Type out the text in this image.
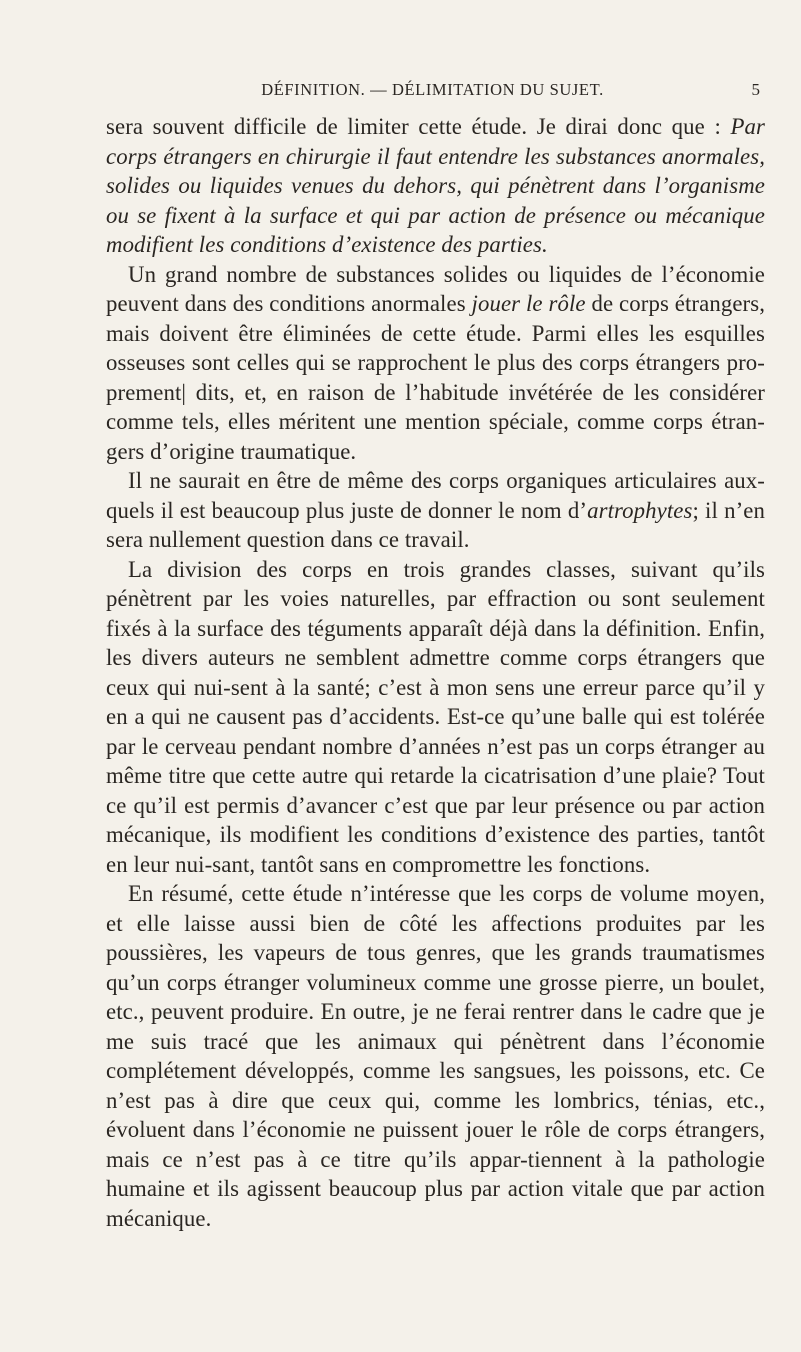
DÉFINITION. — DÉLIMITATION DU SUJET.	5

sera souvent difficile de limiter cette étude. Je dirai donc que : Par corps étrangers en chirurgie il faut entendre les substances anormales, solides ou liquides venues du dehors, qui pénètrent dans l’organisme ou se fixent à la surface et qui par action de présence ou mécanique modifient les conditions d’existence des parties.

Un grand nombre de substances solides ou liquides de l’économie peuvent dans des conditions anormales jouer le rôle de corps étrangers, mais doivent être éliminées de cette étude. Parmi elles les esquilles osseuses sont celles qui se rapprochent le plus des corps étrangers pro-prement| dits, et, en raison de l’habitude invétérée de les considérer comme tels, elles méritent une mention spéciale, comme corps étran-gers d’origine traumatique.

Il ne saurait en être de même des corps organiques articulaires aux-quels il est beaucoup plus juste de donner le nom d’artrophytes; il n’en sera nullement question dans ce travail.

La division des corps en trois grandes classes, suivant qu’ils pénètrent par les voies naturelles, par effraction ou sont seulement fixés à la surface des téguments apparaît déjà dans la définition. Enfin, les divers auteurs ne semblent admettre comme corps étrangers que ceux qui nui-sent à la santé; c’est à mon sens une erreur parce qu’il y en a qui ne causent pas d’accidents. Est-ce qu’une balle qui est tolérée par le cerveau pendant nombre d’années n’est pas un corps étranger au même titre que cette autre qui retarde la cicatrisation d’une plaie? Tout ce qu’il est permis d’avancer c’est que par leur présence ou par action mécanique, ils modifient les conditions d’existence des parties, tantôt en leur nui-sant, tantôt sans en compromettre les fonctions.

En résumé, cette étude n’intéresse que les corps de volume moyen, et elle laisse aussi bien de côté les affections produites par les poussières, les vapeurs de tous genres, que les grands traumatismes qu’un corps étranger volumineux comme une grosse pierre, un boulet, etc., peuvent produire. En outre, je ne ferai rentrer dans le cadre que je me suis tracé que les animaux qui pénètrent dans l’économie complétement développés, comme les sangsues, les poissons, etc. Ce n’est pas à dire que ceux qui, comme les lombrics, ténias, etc., évoluent dans l’économie ne puissent jouer le rôle de corps étrangers, mais ce n’est pas à ce titre qu’ils appar-tiennent à la pathologie humaine et ils agissent beaucoup plus par action vitale que par action mécanique.
